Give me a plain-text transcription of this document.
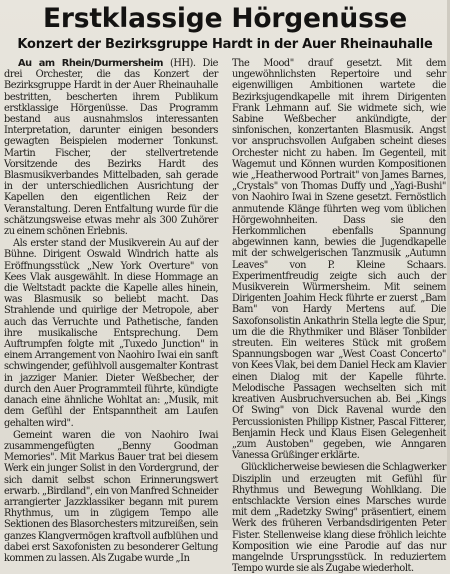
Erstklassige Hörgenüsse
Konzert der Bezirksgruppe Hardt in der Auer Rheinauhalle

Au am Rhein/Durmersheim (HH). Die drei Orchester, die das Konzert der Bezirksgruppe Hardt in der Auer Rheinauhalle bestritten, bescherten ihrem Publikum erstklassige Hörgenüsse. Das Programm bestand aus ausnahmslos interessanten Interpretation, darunter einigen besonders gewagten Beispielen moderner Tonkunst. Martin Fischer, der stellvertretende Vorsitzende des Bezirks Hardt des Blasmusikverbandes Mittelbaden, sah gerade in der unterschiedlichen Ausrichtung der Kapellen den eigentlichen Reiz der Veranstaltung. Deren Entfaltung wurde für die schätzungsweise etwas mehr als 300 Zuhörer zu einem schönen Erlebnis.

Als erster stand der Musikverein Au auf der Bühne. Dirigent Oswald Windrich hatte als Eröffnungsstück „New York Overture" von Kees Vlak ausgewählt. In diese Hommage an die Weltstadt packte die Kapelle alles hinein, was Blasmusik so beliebt macht. Das Strahlende und quirlige der Metropole, aber auch das Verruchte und Pathetische, fanden ihre musikalische Entsprechung. Dem Auftrumpfen folgte mit „Tuxedo Junction" in einem Arrangement von Naohiro Iwai ein sanft schwingender, gefühlvoll ausgemalter Kontrast in jazziger Manier. Dieter Weßbecher, der durch den Auer Programmteil führte, kündigte danach eine ähnliche Wohltat an: „Musik, mit dem Gefühl der Entspanntheit am Laufen gehalten wird".

Gemeint waren die von Naohiro Iwai zusammengefügten „Benny Goodman Memories". Mit Markus Bauer trat bei diesem Werk ein junger Solist in den Vordergrund, der sich damit selbst schon Erinnerungswert erwarb. „Birdland", ein von Manfred Schneider arrangierter Jazzklassiker begann mit purem Rhythmus, um in zügigem Tempo alle Sektionen des Blasorchesters mitzureißen, sein ganzes Klangvermögen kraftvoll aufblühen und dabei erst Saxofonisten zu besonderer Geltung kommen zu lassen. Als Zugabe wurde „In

The Mood" drauf gesetzt. Mit dem ungewöhnlichsten Repertoire und sehr eigenwilligen Ambitionen wartete die Bezirksjugendkapelle mit ihrem Dirigenten Frank Lehmann auf. Sie widmete sich, wie Sabine Weßbecher ankündigte, der sinfonischen, konzertanten Blasmusik. Angst vor anspruchsvollen Aufgaben scheint dieses Orchester nicht zu haben. Im Gegenteil, mit Wagemut und Können wurden Kompositionen wie „Heatherwood Portrait" von James Barnes, „Crystals" von Thomas Duffy und „Yagi-Bushi" von Naohiro Iwai in Szene gesetzt. Fernöstlich anmutende Klänge führten weg vom üblichen Hörgewohnheiten. Dass sie den Herkommlichen ebenfalls Spannung abgewinnen kann, bewies die Jugendkapelle mit der schwelgerischen Tanzmusik „Autumn Leaves" von P. Kleine Schaars. Experimentfreudig zeigte sich auch der Musikverein Würmersheim. Mit seinem Dirigenten Joahim Heck führte er zuerst „Bam Bam" von Hardy Mertens auf. Die Saxofonsolistin Ankathrin Stella legte die Spur, um die die Rhythmiker und Bläser Tonbilder streuten. Ein weiteres Stück mit großem Spannungsbogen war „West Coast Concerto" von Kees Vlak, bei dem Daniel Heck am Klavier einen Dialog mit der Kapelle führte. Melodische Passagen wechselten sich mit kreativen Ausbruchversuchen ab. Bei „Kings Of Swing" von Dick Ravenal wurde den Percussionisten Philipp Kistner, Pascal Fitterer, Benjamin Heck und Klaus Eisen Gelegenheit „zum Austoben" gegeben, wie Anngaren Vanessa Grüßinger erklärte.

Glücklicherweise bewiesen die Schlagwerker Disziplin und erzeugten mit Gefühl für Rhythmus und Bewegung Wohlklang. Die entschlackte Version eines Marsches wurde mit dem „Radetzky Swing" präsentiert, einem Werk des früheren Verbandsdirigenten Peter Fister. Stellenweise klang diese fröhlich leichte Komposition wie eine Parodie auf das nur mangelnde Ursprungsstück. In reduziertem Tempo wurde sie als Zugabe wiederholt.
